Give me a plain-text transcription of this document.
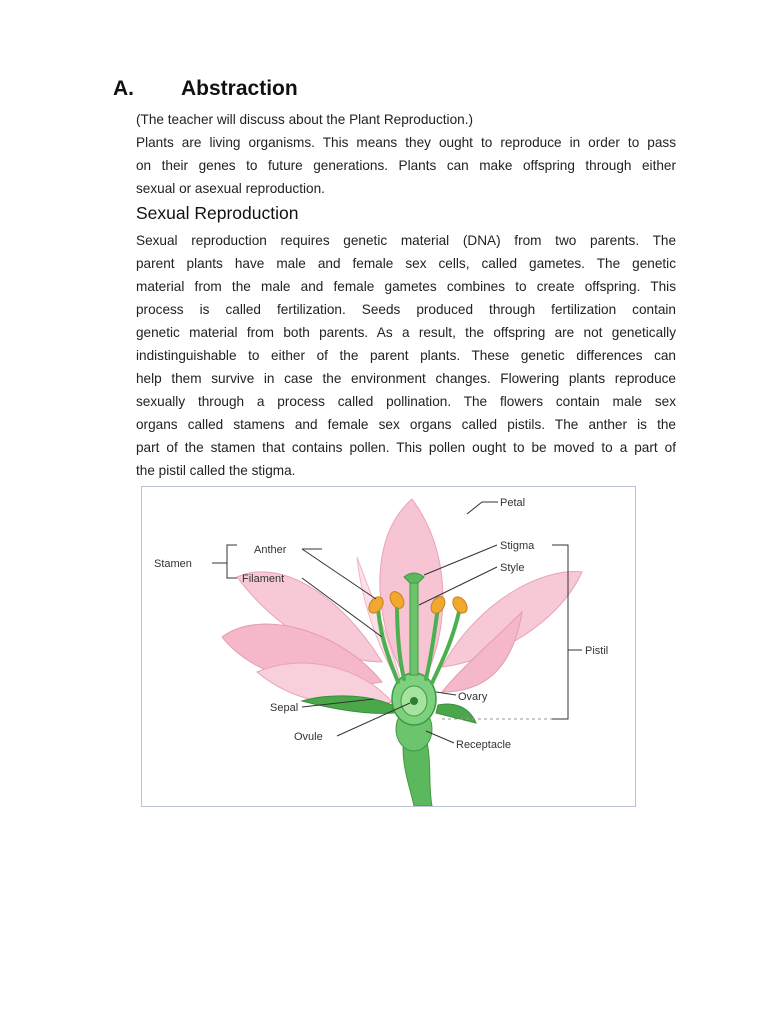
A.	Abstraction
(The teacher will discuss about the Plant Reproduction.)
Plants are living organisms. This means they ought to reproduce in order to pass
on their genes to future generations. Plants can make offspring through either
sexual or asexual reproduction.
Sexual Reproduction
Sexual reproduction requires genetic material (DNA) from two parents. The
parent plants have male and female sex cells, called gametes. The genetic
material from the male and female gametes combines to create offspring. This
process is called fertilization. Seeds produced through fertilization contain
genetic material from both parents. As a result, the offspring are not genetically
indistinguishable to either of the parent plants. These genetic differences can
help them survive in case the environment changes. Flowering plants reproduce
sexually through a process called pollination. The flowers contain male sex
organs called stamens and female sex organs called pistils. The anther is the
part of the stamen that contains pollen. This pollen ought to be moved to a part of
the pistil called the stigma.
Petal
Stigma
Style
Pistil
Ovary
Receptacle
Stamen
Anther
Filament
Sepal
Ovule
